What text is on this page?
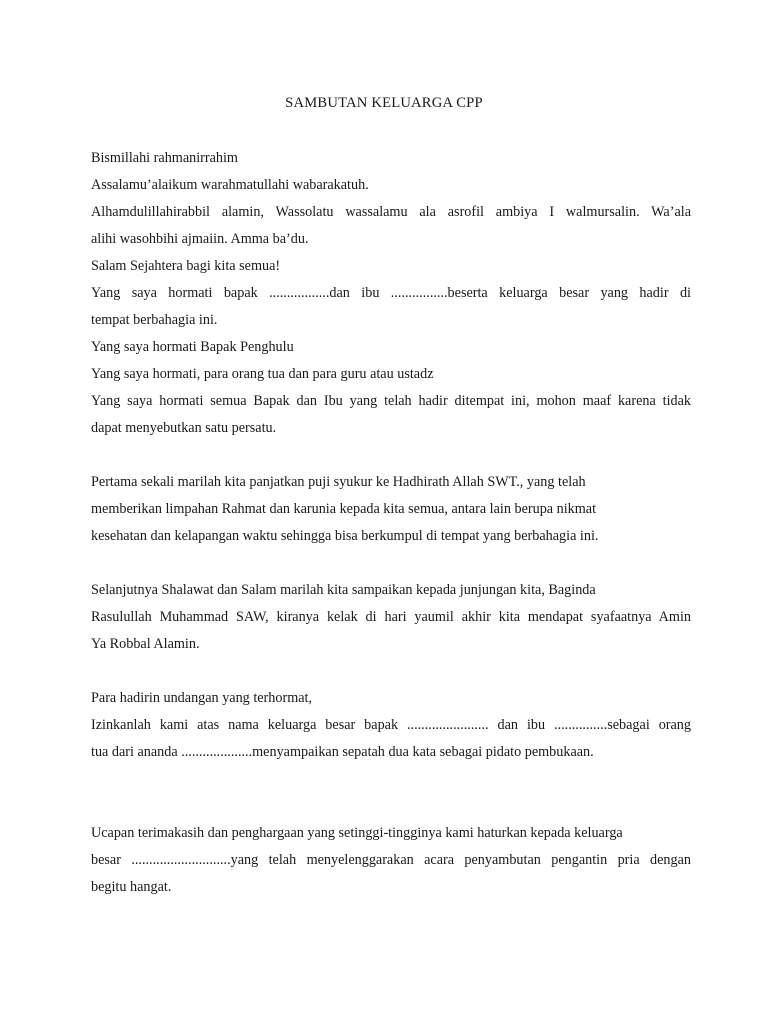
SAMBUTAN KELUARGA CPP
Bismillahi rahmanirrahim
Assalamu’alaikum warahmatullahi wabarakatuh.
Alhamdulillahirabbil alamin, Wassolatu wassalamu ala asrofil ambiya I walmursalin. Wa’ala
alihi wasohbihi ajmaiin. Amma ba’du.
Salam Sejahtera bagi kita semua!
Yang saya hormati bapak .................dan ibu ................beserta keluarga besar yang hadir di
tempat berbahagia ini.
Yang saya hormati Bapak Penghulu
Yang saya hormati, para orang tua dan para guru atau ustadz
Yang saya hormati semua Bapak dan Ibu yang telah hadir ditempat ini, mohon maaf karena tidak
dapat menyebutkan satu persatu.
Pertama sekali marilah kita panjatkan puji syukur ke Hadhirath Allah SWT., yang telah
memberikan limpahan Rahmat dan karunia kepada kita semua, antara lain berupa nikmat
kesehatan dan kelapangan waktu sehingga bisa berkumpul di tempat yang berbahagia ini.
Selanjutnya Shalawat dan Salam marilah kita sampaikan kepada junjungan kita, Baginda
Rasulullah Muhammad SAW, kiranya kelak di hari yaumil akhir kita mendapat syafaatnya Amin
Ya Robbal Alamin.
Para hadirin undangan yang terhormat,
Izinkanlah kami atas nama keluarga besar bapak ....................... dan ibu ...............sebagai orang
tua dari ananda ....................menyampaikan sepatah dua kata sebagai pidato pembukaan.
Ucapan terimakasih dan penghargaan yang setinggi-tingginya kami haturkan kepada keluarga
besar ............................yang telah menyelenggarakan acara penyambutan pengantin pria dengan
begitu hangat.
